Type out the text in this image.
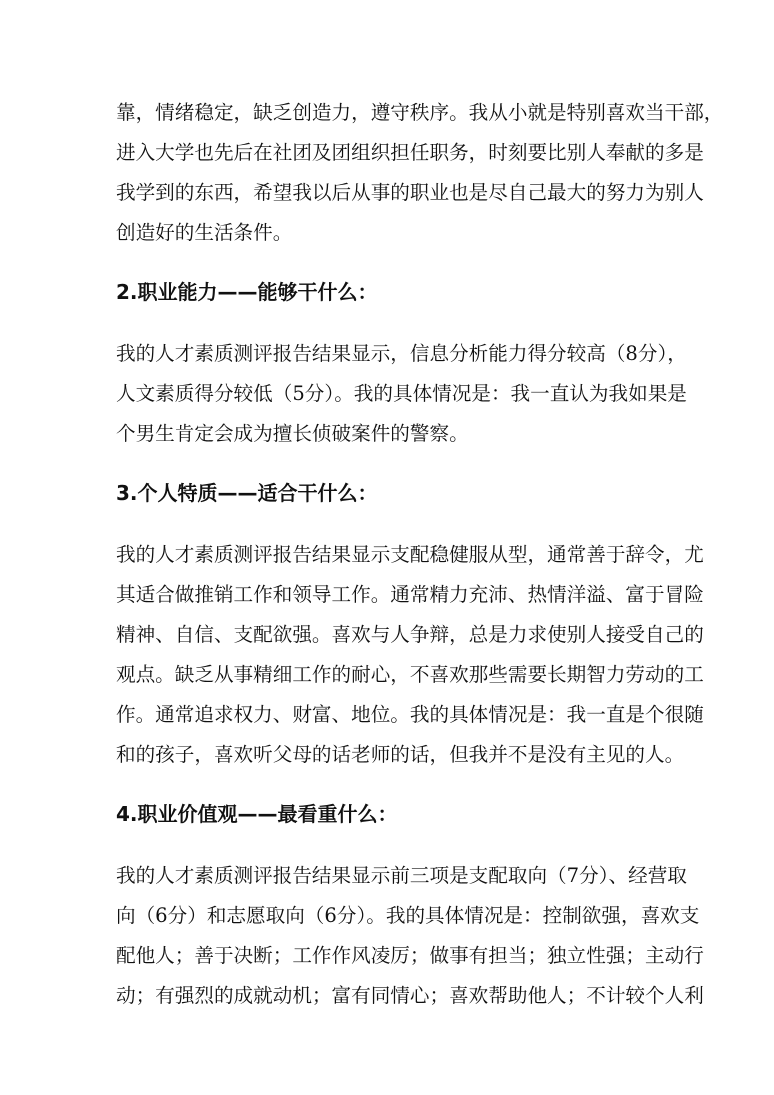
靠，情绪稳定，缺乏创造力，遵守秩序。我从小就是特别喜欢当干部，
进入大学也先后在社团及团组织担任职务，时刻要比别人奉献的多是
我学到的东西，希望我以后从事的职业也是尽自己最大的努力为别人
创造好的生活条件。

2.职业能力——能够干什么：

我的人才素质测评报告结果显示，信息分析能力得分较高（8分），
人文素质得分较低（5分）。我的具体情况是：我一直认为我如果是
个男生肯定会成为擅长侦破案件的警察。

3.个人特质——适合干什么：

我的人才素质测评报告结果显示支配稳健服从型，通常善于辞令，尤
其适合做推销工作和领导工作。通常精力充沛、热情洋溢、富于冒险
精神、自信、支配欲强。喜欢与人争辩，总是力求使别人接受自己的
观点。缺乏从事精细工作的耐心，不喜欢那些需要长期智力劳动的工
作。通常追求权力、财富、地位。我的具体情况是：我一直是个很随
和的孩子，喜欢听父母的话老师的话，但我并不是没有主见的人。

4.职业价值观——最看重什么：

我的人才素质测评报告结果显示前三项是支配取向（7分）、经营取
向（6分）和志愿取向（6分）。我的具体情况是：控制欲强，喜欢支
配他人；善于决断；工作作风凌厉；做事有担当；独立性强；主动行
动；有强烈的成就动机；富有同情心；喜欢帮助他人；不计较个人利
